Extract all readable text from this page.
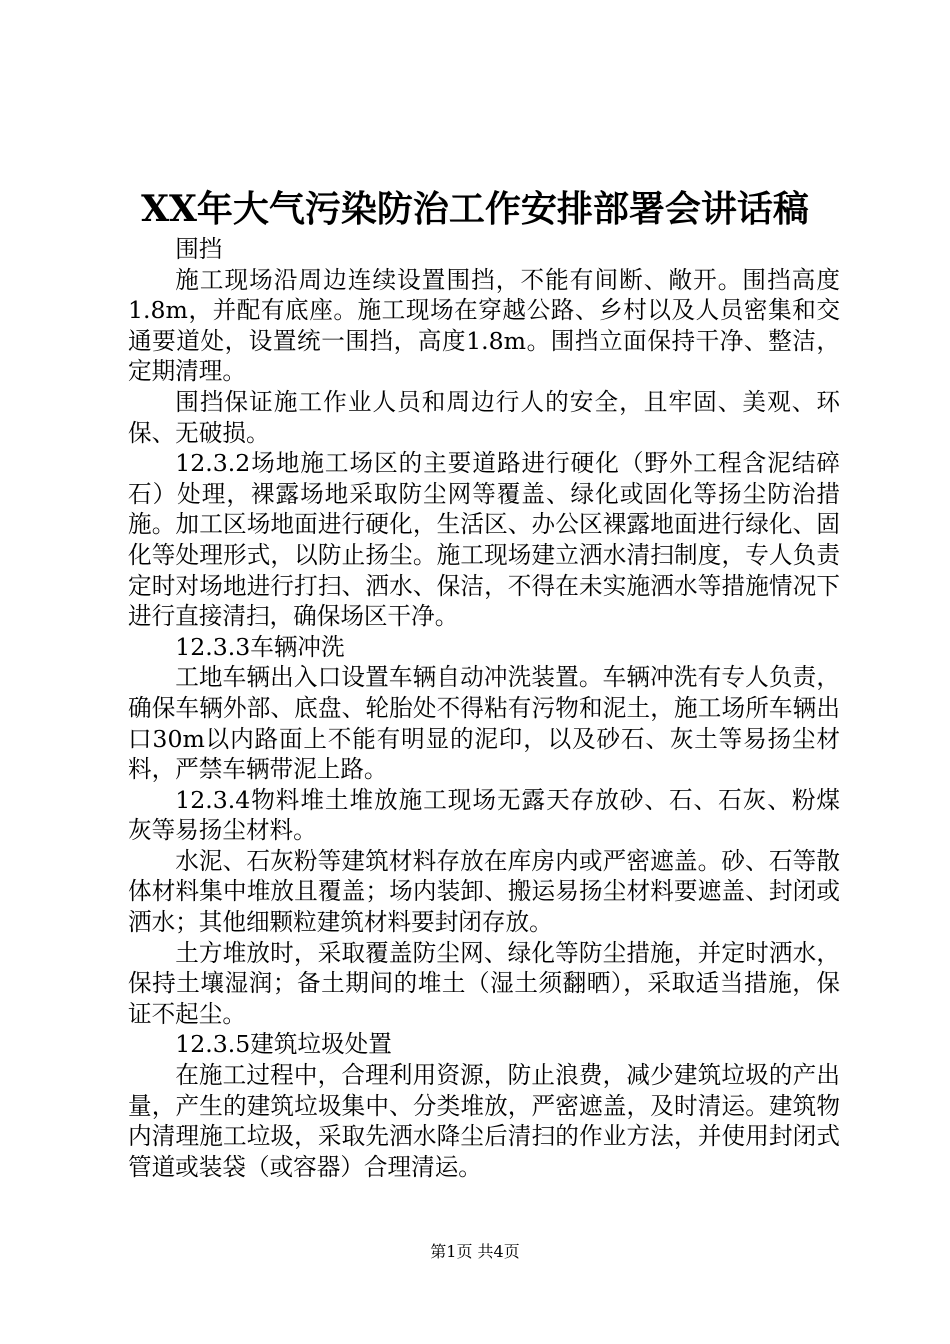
XX年大气污染防治工作安排部署会讲话稿

围挡

施工现场沿周边连续设置围挡，不能有间断、敞开。围挡高度1.8m，并配有底座。施工现场在穿越公路、乡村以及人员密集和交通要道处，设置统一围挡，高度1.8m。围挡立面保持干净、整洁，定期清理。

围挡保证施工作业人员和周边行人的安全，且牢固、美观、环保、无破损。

12.3.2场地施工场区的主要道路进行硬化（野外工程含泥结碎石）处理，裸露场地采取防尘网等覆盖、绿化或固化等扬尘防治措施。加工区场地面进行硬化，生活区、办公区裸露地面进行绿化、固化等处理形式，以防止扬尘。施工现场建立洒水清扫制度，专人负责定时对场地进行打扫、洒水、保洁，不得在未实施洒水等措施情况下进行直接清扫，确保场区干净。

12.3.3车辆冲洗

工地车辆出入口设置车辆自动冲洗装置。车辆冲洗有专人负责，确保车辆外部、底盘、轮胎处不得粘有污物和泥土，施工场所车辆出口30m以内路面上不能有明显的泥印，以及砂石、灰土等易扬尘材料，严禁车辆带泥上路。

12.3.4物料堆土堆放施工现场无露天存放砂、石、石灰、粉煤灰等易扬尘材料。

水泥、石灰粉等建筑材料存放在库房内或严密遮盖。砂、石等散体材料集中堆放且覆盖；场内装卸、搬运易扬尘材料要遮盖、封闭或洒水；其他细颗粒建筑材料要封闭存放。

土方堆放时，采取覆盖防尘网、绿化等防尘措施，并定时洒水，保持土壤湿润；备土期间的堆土（湿土须翻晒），采取适当措施，保证不起尘。

12.3.5建筑垃圾处置

在施工过程中，合理利用资源，防止浪费，减少建筑垃圾的产出量，产生的建筑垃圾集中、分类堆放，严密遮盖，及时清运。建筑物内清理施工垃圾，采取先洒水降尘后清扫的作业方法，并使用封闭式管道或装袋（或容器）合理清运。

第1页 共4页
